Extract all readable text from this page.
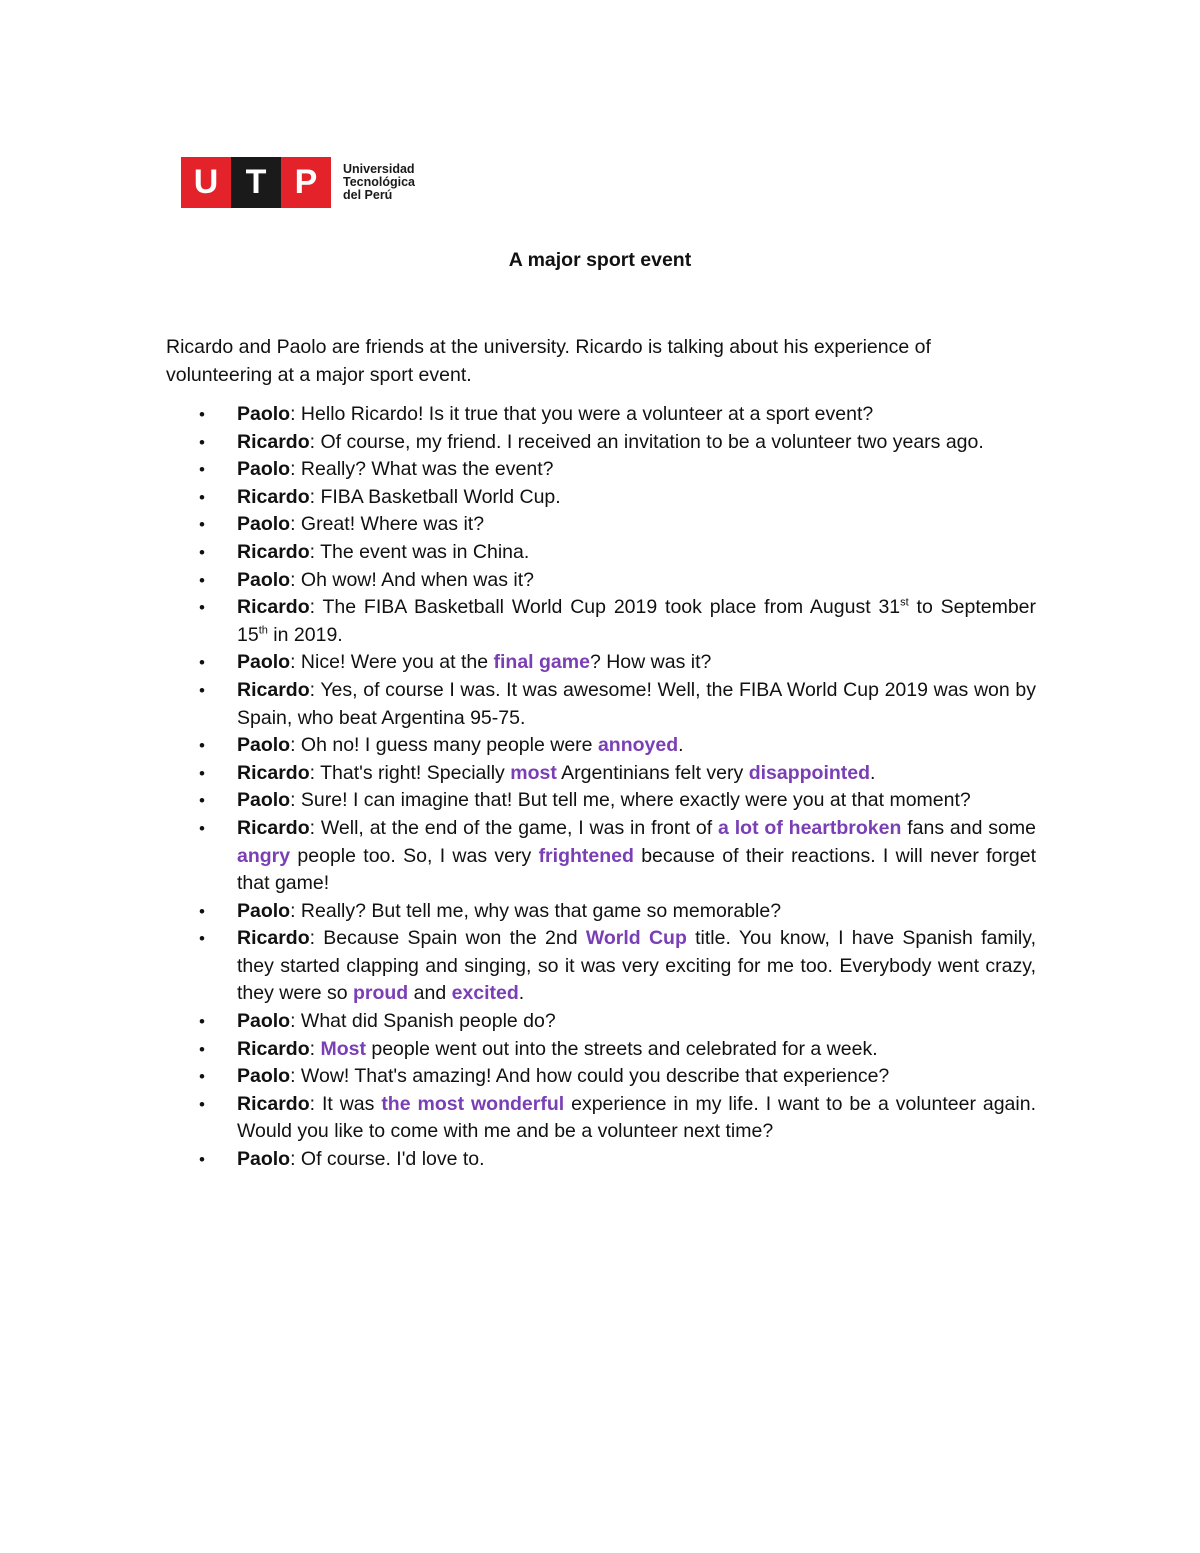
U T P	Universidad
Tecnológica
del Perú
A major sport event

Ricardo and Paolo are friends at the university. Ricardo is talking about his experience of volunteering at a major sport event.

• Paolo: Hello Ricardo! Is it true that you were a volunteer at a sport event?
• Ricardo: Of course, my friend. I received an invitation to be a volunteer two years ago.
• Paolo: Really? What was the event?
• Ricardo: FIBA Basketball World Cup.
• Paolo: Great! Where was it?
• Ricardo: The event was in China.
• Paolo: Oh wow! And when was it?
• Ricardo: The FIBA Basketball World Cup 2019 took place from August 31st to September 15th in 2019.
• Paolo: Nice! Were you at the final game? How was it?
• Ricardo: Yes, of course I was. It was awesome! Well, the FIBA World Cup 2019 was won by Spain, who beat Argentina 95-75.
• Paolo: Oh no! I guess many people were annoyed.
• Ricardo: That's right! Specially most Argentinians felt very disappointed.
• Paolo: Sure! I can imagine that! But tell me, where exactly were you at that moment?
• Ricardo: Well, at the end of the game, I was in front of a lot of heartbroken fans and some angry people too. So, I was very frightened because of their reactions. I will never forget that game!
• Paolo: Really? But tell me, why was that game so memorable?
• Ricardo: Because Spain won the 2nd World Cup title. You know, I have Spanish family, they started clapping and singing, so it was very exciting for me too. Everybody went crazy, they were so proud and excited.
• Paolo: What did Spanish people do?
• Ricardo: Most people went out into the streets and celebrated for a week.
• Paolo: Wow! That's amazing! And how could you describe that experience?
• Ricardo: It was the most wonderful experience in my life. I want to be a volunteer again. Would you like to come with me and be a volunteer next time?
• Paolo: Of course. I'd love to.
